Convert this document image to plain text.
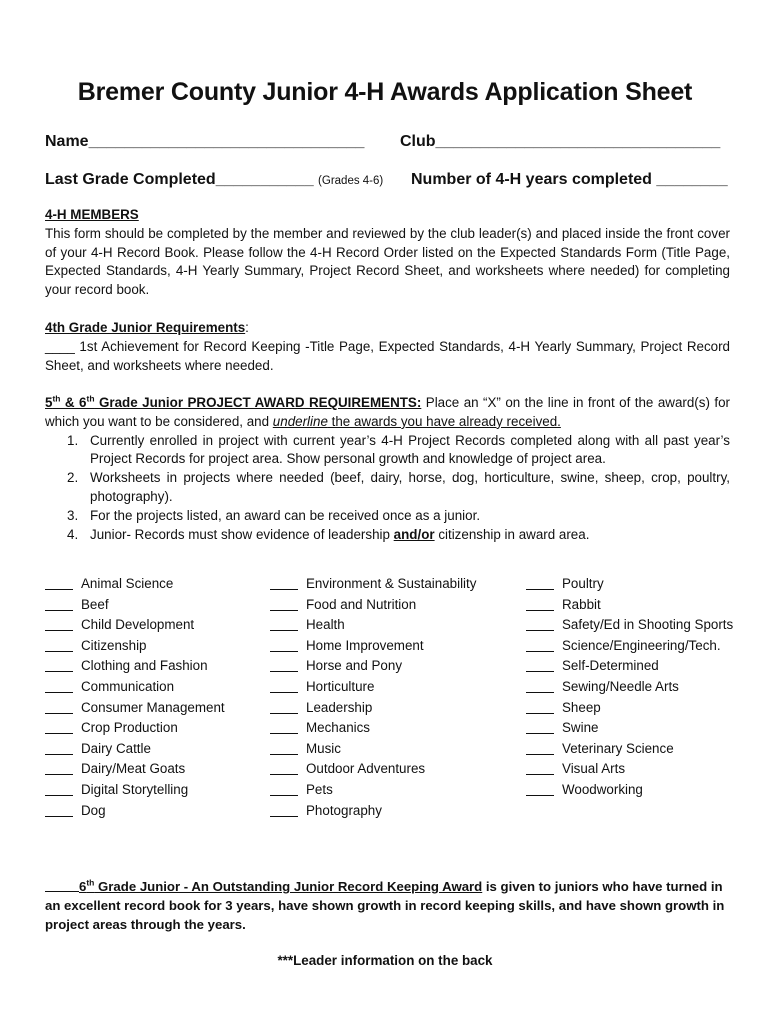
Bremer County Junior 4-H Awards Application Sheet
Name_______________________________ Club________________________________
Last Grade Completed___________ (Grades 4-6) Number of 4-H years completed ________
4-H MEMBERS
This form should be completed by the member and reviewed by the club leader(s) and placed inside the front cover of your 4-H Record Book. Please follow the 4-H Record Order listed on the Expected Standards Form (Title Page, Expected Standards, 4-H Yearly Summary, Project Record Sheet, and worksheets where needed) for completing your record book.
4th Grade Junior Requirements:
____ 1st Achievement for Record Keeping -Title Page, Expected Standards, 4-H Yearly Summary, Project Record Sheet, and worksheets where needed.
5th & 6th Grade Junior PROJECT AWARD REQUIREMENTS: Place an “X” on the line in front of the award(s) for which you want to be considered, and underline the awards you have already received.
1. Currently enrolled in project with current year’s 4-H Project Records completed along with all past year’s Project Records for project area. Show personal growth and knowledge of project area.
2. Worksheets in projects where needed (beef, dairy, horse, dog, horticulture, swine, sheep, crop, poultry, photography).
3. For the projects listed, an award can be received once as a junior.
4. Junior- Records must show evidence of leadership and/or citizenship in award area.
Animal Science
Beef
Child Development
Citizenship
Clothing and Fashion
Communication
Consumer Management
Crop Production
Dairy Cattle
Dairy/Meat Goats
Digital Storytelling
Dog
Environment & Sustainability
Food and Nutrition
Health
Home Improvement
Horse and Pony
Horticulture
Leadership
Mechanics
Music
Outdoor Adventures
Pets
Photography
Poultry
Rabbit
Safety/Ed in Shooting Sports
Science/Engineering/Tech.
Self-Determined
Sewing/Needle Arts
Sheep
Swine
Veterinary Science
Visual Arts
Woodworking
6th Grade Junior - An Outstanding Junior Record Keeping Award is given to juniors who have turned in an excellent record book for 3 years, have shown growth in record keeping skills, and have shown growth in project areas through the years.
***Leader information on the back
